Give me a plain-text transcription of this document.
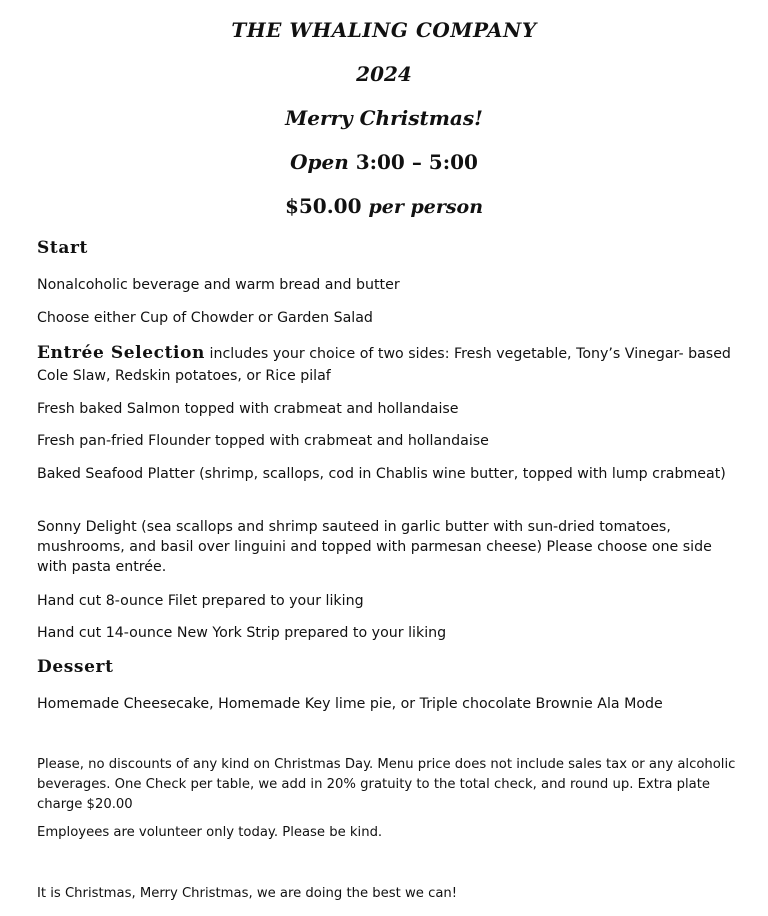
THE WHALING COMPANY
2024
Merry Christmas!
Open 3:00 – 5:00
$50.00 per person
Start
Nonalcoholic beverage and warm bread and butter
Choose either Cup of Chowder or Garden Salad
Entrée Selection includes your choice of two sides: Fresh vegetable, Tony’s Vinegar- based Cole Slaw, Redskin potatoes, or Rice pilaf
Fresh baked Salmon topped with crabmeat and hollandaise
Fresh pan-fried Flounder topped with crabmeat and hollandaise
Baked Seafood Platter (shrimp, scallops, cod in Chablis wine butter, topped with lump crabmeat)
Sonny Delight (sea scallops and shrimp sauteed in garlic butter with sun-dried tomatoes, mushrooms, and basil over linguini and topped with parmesan cheese) Please choose one side with pasta entrée.
Hand cut 8-ounce Filet prepared to your liking
Hand cut 14-ounce New York Strip prepared to your liking
Dessert
Homemade Cheesecake, Homemade Key lime pie, or Triple chocolate Brownie Ala Mode
Please, no discounts of any kind on Christmas Day. Menu price does not include sales tax or any alcoholic beverages. One Check per table, we add in 20% gratuity to the total check, and round up. Extra plate charge $20.00
Employees are volunteer only today. Please be kind.
It is Christmas, Merry Christmas, we are doing the best we can!
